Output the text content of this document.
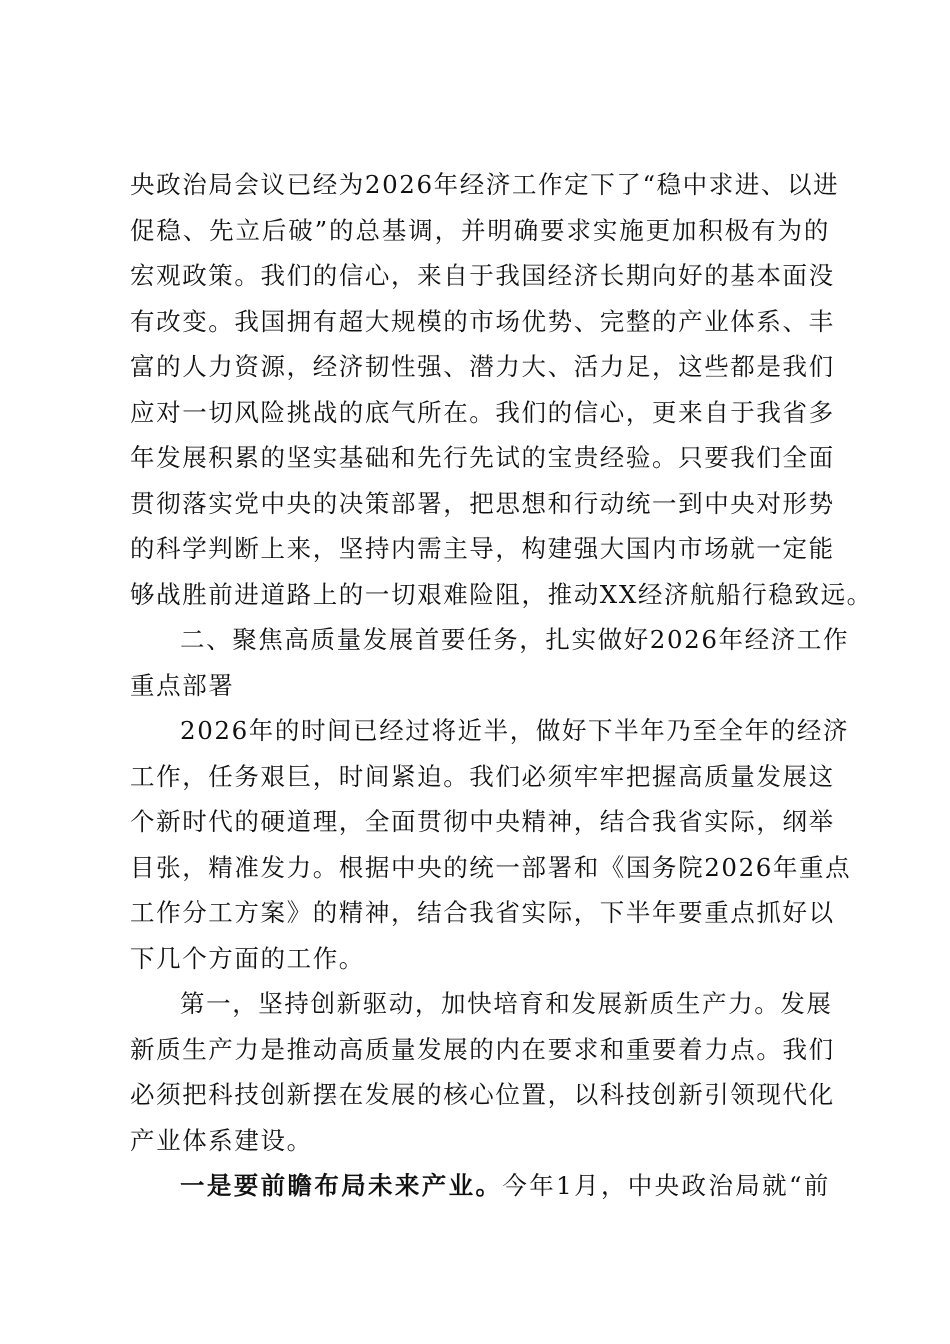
央政治局会议已经为2026年经济工作定下了“稳中求进、以进
促稳、先立后破”的总基调，并明确要求实施更加积极有为的
宏观政策。我们的信心，来自于我国经济长期向好的基本面没
有改变。我国拥有超大规模的市场优势、完整的产业体系、丰
富的人力资源，经济韧性强、潜力大、活力足，这些都是我们
应对一切风险挑战的底气所在。我们的信心，更来自于我省多
年发展积累的坚实基础和先行先试的宝贵经验。只要我们全面
贯彻落实党中央的决策部署，把思想和行动统一到中央对形势
的科学判断上来，坚持内需主导，构建强大国内市场就一定能
够战胜前进道路上的一切艰难险阻，推动XX经济航船行稳致远。
二、聚焦高质量发展首要任务，扎实做好2026年经济工作
重点部署
2026年的时间已经过将近半，做好下半年乃至全年的经济
工作，任务艰巨，时间紧迫。我们必须牢牢把握高质量发展这
个新时代的硬道理，全面贯彻中央精神，结合我省实际，纲举
目张，精准发力。根据中央的统一部署和《国务院2026年重点
工作分工方案》的精神，结合我省实际，下半年要重点抓好以
下几个方面的工作。
第一，坚持创新驱动，加快培育和发展新质生产力。发展
新质生产力是推动高质量发展的内在要求和重要着力点。我们
必须把科技创新摆在发展的核心位置，以科技创新引领现代化
产业体系建设。
一是要前瞻布局未来产业。今年1月，中央政治局就“前
